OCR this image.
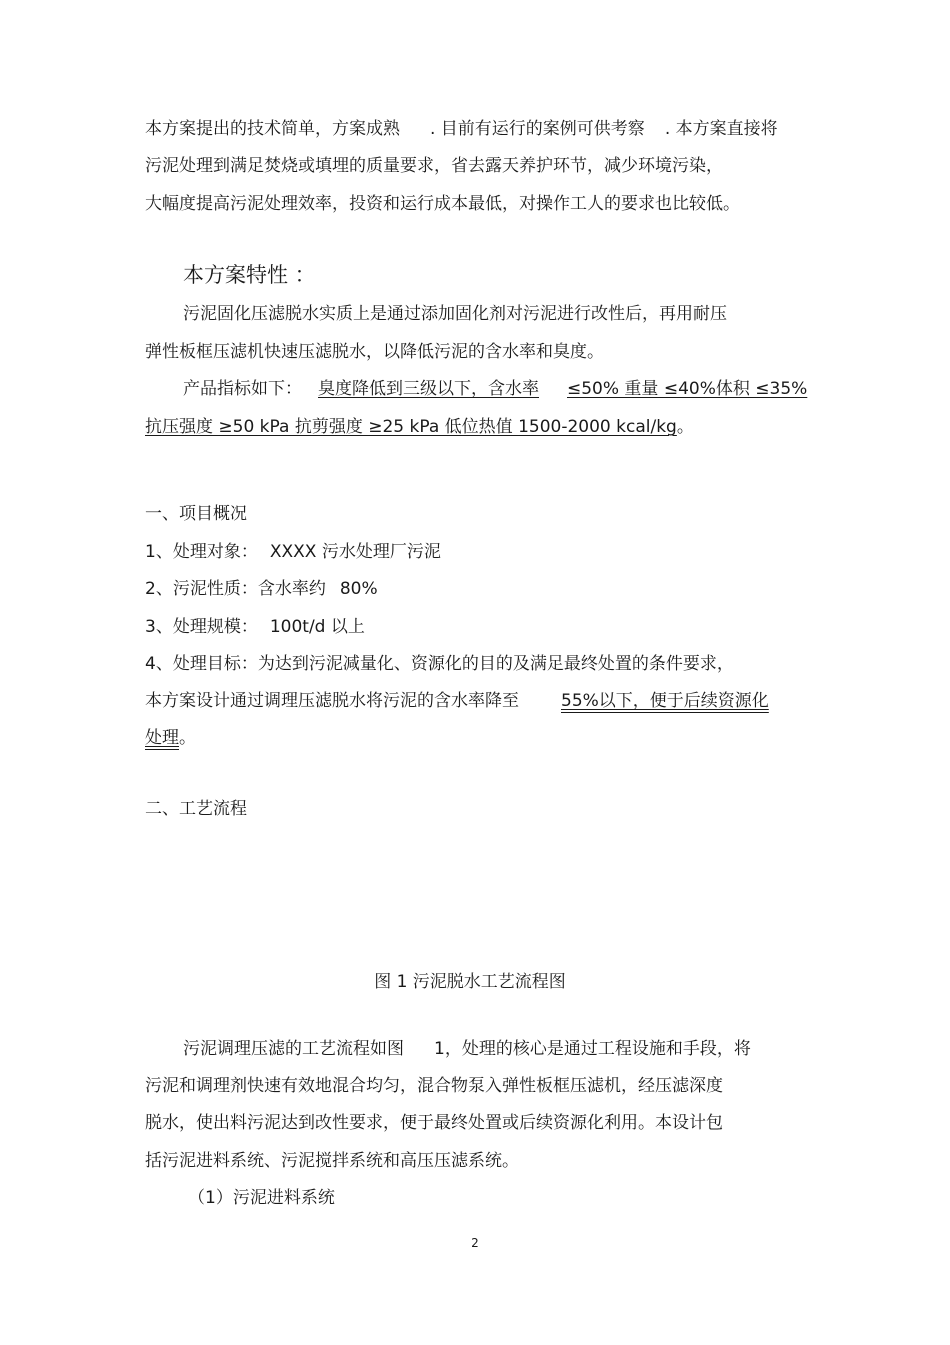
本方案提出的技术简单，方案成熟 . 目前有运行的案例可供考察 . 本方案直接将
污泥处理到满足焚烧或填埋的质量要求，省去露天养护环节，减少环境污染，
大幅度提高污泥处理效率，投资和运行成本最低，对操作工人的要求也比较低。
本方案特性 ：
污泥固化压滤脱水实质上是通过添加固化剂对污泥进行改性后，再用耐压
弹性板框压滤机快速压滤脱水，以降低污泥的含水率和臭度。
产品指标如下： 臭度降低到三级以下，含水率 ≤50% 重量 ≤40%体积 ≤35%
抗压强度 ≥50 kPa 抗剪强度 ≥25 kPa 低位热值 1500-2000 kcal/kg。
一、项目概况
1、处理对象： XXXX 污水处理厂污泥
2、污泥性质：含水率约 80%
3、处理规模： 100t/d 以上
4、处理目标：为达到污泥减量化、资源化的目的及满足最终处置的条件要求，
本方案设计通过调理压滤脱水将污泥的含水率降至 55%以下，便于后续资源化
处理。
二、工艺流程
图 1 污泥脱水工艺流程图
污泥调理压滤的工艺流程如图 1，处理的核心是通过工程设施和手段，将
污泥和调理剂快速有效地混合均匀，混合物泵入弹性板框压滤机，经压滤深度
脱水，使出料污泥达到改性要求，便于最终处置或后续资源化利用。本设计包
括污泥进料系统、污泥搅拌系统和高压压滤系统。
（1）污泥进料系统
2
